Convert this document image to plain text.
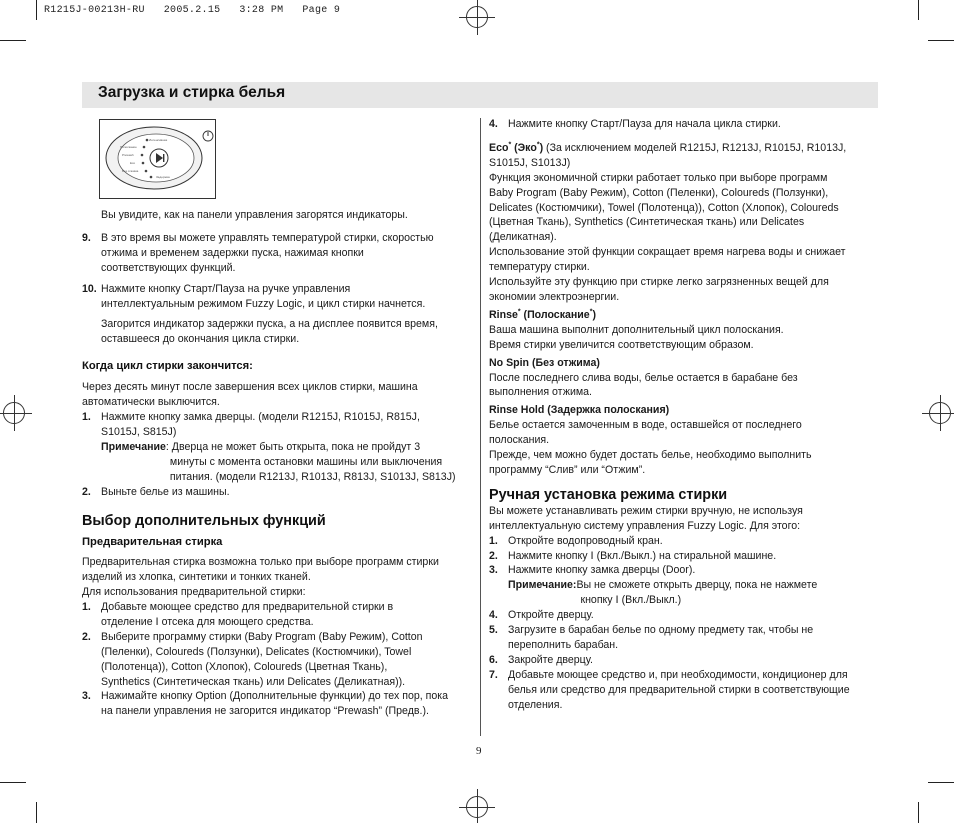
R1215J-00213H-RU   2005.2.15   3:28 PM   Page 9
Загрузка и стирка белья
Интенсивная
Полоскание
Prewash
Eco
Без отжима
Задержка

Вы увидите, как на панели управления загорятся индикаторы.

9. В это время вы можете управлять температурой стирки, скоростью
отжима и временем задержки пуска, нажимая кнопки
соответствующих функций.
10. Нажмите кнопку Старт/Пауза на ручке управления
интеллектуальным режимом Fuzzy Logic, и цикл стирки начнется.

Загорится индикатор задержки пуска, а на дисплее появится время,
оставшееся до окончания цикла стирки.

Когда цикл стирки закончится:

Через десять минут после завершения всех циклов стирки, машина
автоматически выключится.

1. Нажмите кнопку замка дверцы. (модели R1215J, R1015J, R815J,
S1015J, S815J)
Примечание : Дверца не может быть открыта, пока не пройдут 3
минуты с момента остановки машины или выключения
питания. (модели R1213J, R1013J, R813J, S1013J, S813J)
2. Выньте белье из машины.

Выбор дополнительных функций

Предварительная стирка

Предварительная стирка возможна только при выборе программ стирки
изделий из хлопка, синтетики и тонких тканей.
Для использования предварительной стирки:

1. Добавьте моющее средство для предварительной стирки в
отделение Ⅰ отсека для моющего средства.
2. Выберите программу стирки (Baby Program (Baby Режим), Cotton
(Пеленки), Coloureds (Ползунки), Delicates (Костюмчики), Towel
(Полотенца)), Cotton (Хлопок), Coloureds (Цветная Ткань),
Synthetics (Синтетическая ткань) или Delicates (Деликатная)).
3. Нажимайте кнопку Option (Дополнительные функции) до тех пор, пока
на панели управления не загорится индикатор “Prewash” (Предв.).
4. Нажмите кнопку Старт/Пауза для начала цикла стирки.

Eco* (Эко*) (За исключением моделей R1215J, R1213J, R1015J, R1013J,
S1015J, S1013J)

Функция экономичной стирки работает только при выборе программ
Baby Program (Baby Режим), Cotton (Пеленки), Coloureds (Ползунки),
Delicates (Костюмчики), Towel (Полотенца)), Cotton (Хлопок), Coloureds
(Цветная Ткань), Synthetics (Синтетическая ткань) или Delicates
(Деликатная).
Использование этой функции сокращает время нагрева воды и снижает
температуру стирки.
Используйте эту функцию при стирке легко загрязненных вещей для
экономии электроэнергии.

Rinse* (Полоскание*)

Ваша машина выполнит дополнительный цикл полоскания.
Время стирки увеличится соответствующим образом.

No Spin (Без отжима)

После последнего слива воды, белье остается в барабане без
выполнения отжима.

Rinse Hold (Задержка полоскания)

Белье остается замоченным в воде, оставшейся от последнего
полоскания.
Прежде, чем можно будет достать белье, необходимо выполнить
программу “Слив” или “Отжим”.

Ручная установка режима стирки

Вы можете устанавливать режим стирки вручную, не используя
интеллектуальную систему управления Fuzzy Logic. Для этого:

1. Откройте водопроводный кран.
2. Нажмите кнопку Ⅰ (Вкл./Выкл.) на стиральной машине.
3. Нажмите кнопку замка дверцы (Door).
Примечание: Вы не сможете открыть дверцу, пока не нажмете
кнопку Ⅰ (Вкл./Выкл.)
4. Откройте дверцу.
5. Загрузите в барабан белье по одному предмету так, чтобы не
переполнить барабан.
6. Закройте дверцу.
7. Добавьте моющее средство и, при необходимости, кондиционер для
белья или средство для предварительной стирки в соответствующие
отделения.
9
